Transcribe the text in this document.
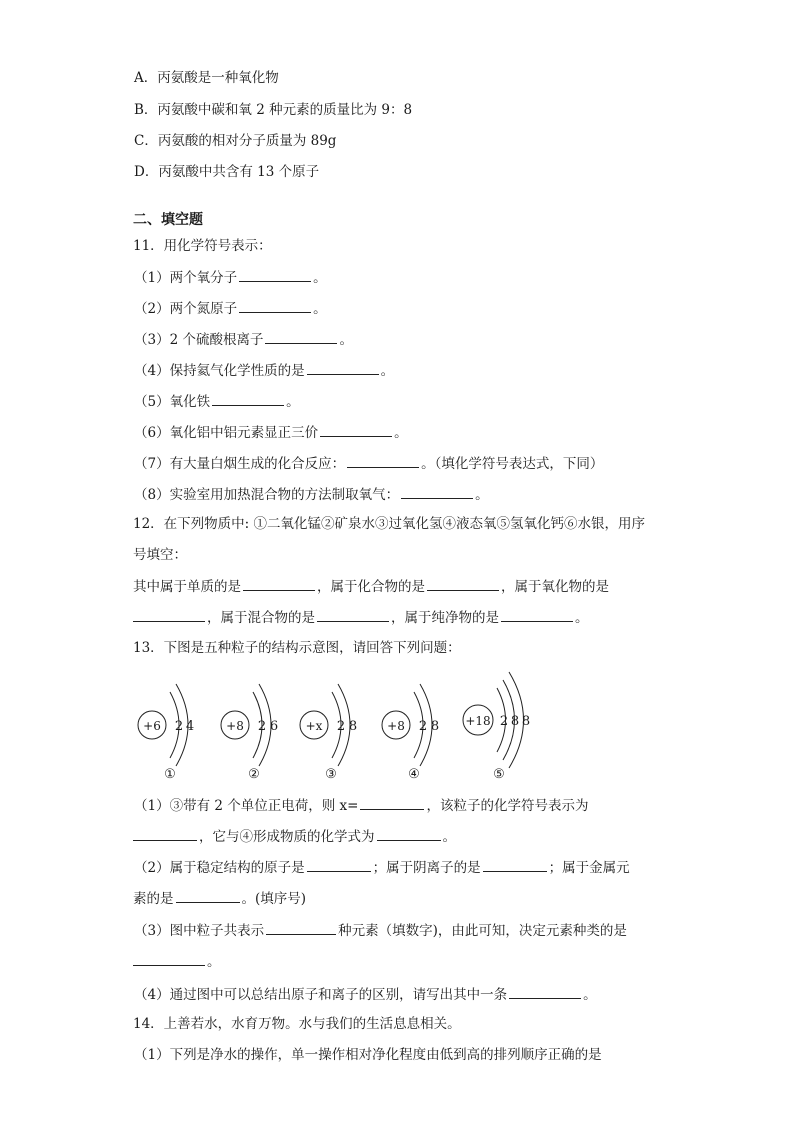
A．丙氨酸是一种氧化物
B．丙氨酸中碳和氧 2 种元素的质量比为 9：8
C．丙氨酸的相对分子质量为 89g
D．丙氨酸中共含有 13 个原子
二、填空题
11．用化学符号表示：
（1）两个氧分子	。
（2）两个氮原子	。
（3）2 个硫酸根离子	。
（4）保持氦气化学性质的是	。
（5）氧化铁	。
（6）氧化铝中铝元素显正三价	。
（7）有大量白烟生成的化合反应：	。（填化学符号表达式，下同）
（8）实验室用加热混合物的方法制取氧气：	。
12．在下列物质中: ①二氧化锰②矿泉水③过氧化氢④液态氧⑤氢氧化钙⑥水银，用序
号填空：
其中属于单质的是	，属于化合物的是	，属于氧化物的是
，属于混合物的是	，属于纯净物的是	。
13．下图是五种粒子的结构示意图，请回答下列问题：
+6 2 4
①
+8 2 6
②
+x 2 8
③
+8 2 8
④
+18 2 8 8
⑤
（1）③带有 2 个单位正电荷，则 x=	，该粒子的化学符号表示为
，它与④形成物质的化学式为	。
（2）属于稳定结构的原子是	；属于阴离子的是	；属于金属元
素的是	。(填序号)
（3）图中粒子共表示	种元素（填数字)，由此可知，决定元素种类的是
。
（4）通过图中可以总结出原子和离子的区别，请写出其中一条	。
14．上善若水，水育万物。水与我们的生活息息相关。
（1）下列是净水的操作，单一操作相对净化程度由低到高的排列顺序正确的是
